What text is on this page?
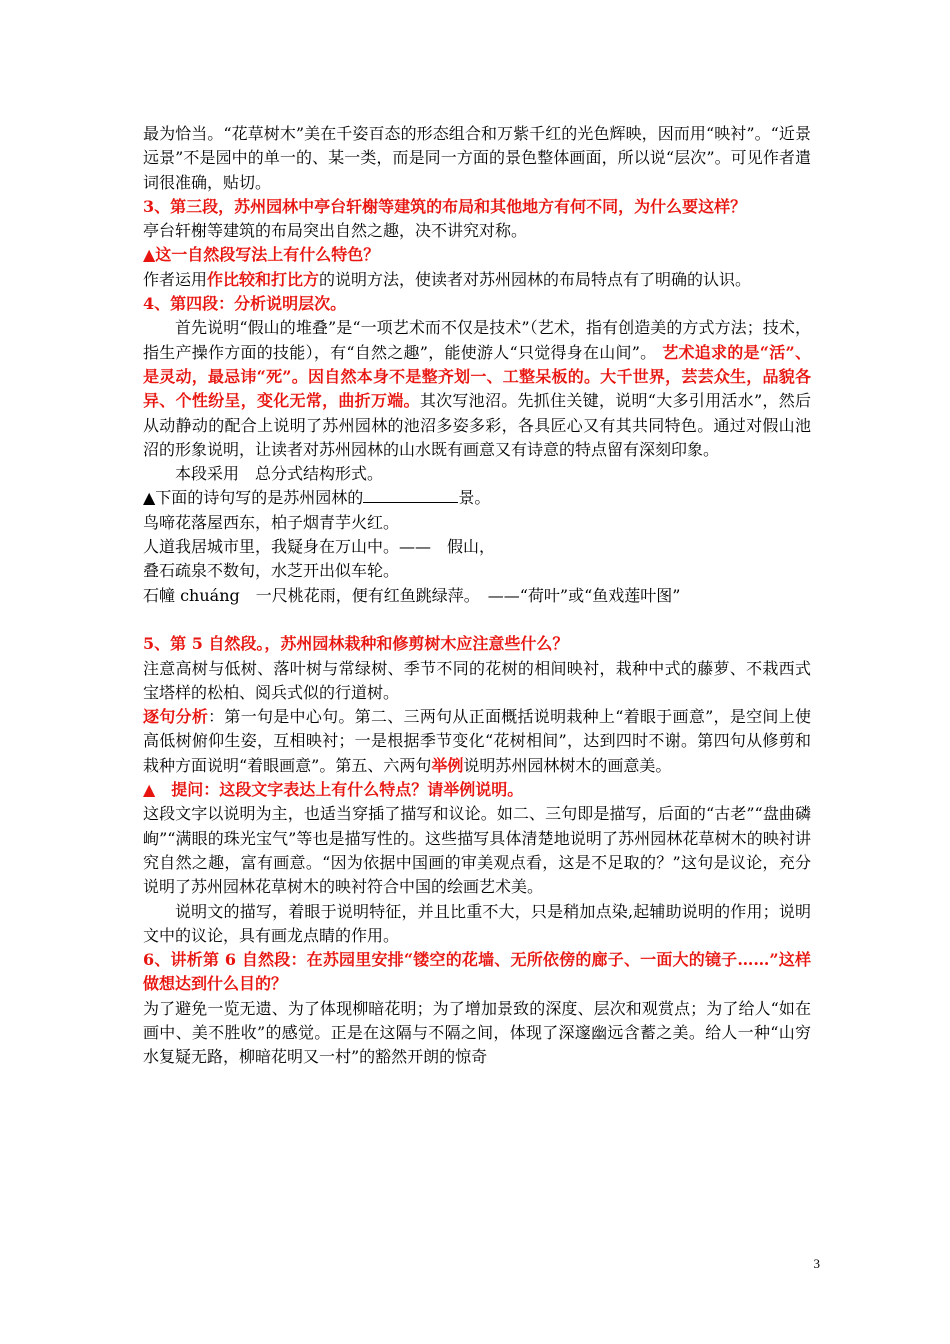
最为恰当。“花草树木”美在千姿百态的形态组合和万紫千红的光色辉映，因而用“映衬”。“近景远景”不是园中的单一的、某一类，而是同一方面的景色整体画面，所以说“层次”。可见作者遣词很准确，贴切。

3、第三段，苏州园林中亭台轩榭等建筑的布局和其他地方有何不同，为什么要这样？

亭台轩榭等建筑的布局突出自然之趣，决不讲究对称。

▲这一自然段写法上有什么特色？

作者运用作比较和打比方的说明方法，使读者对苏州园林的布局特点有了明确的认识。

4、第四段：分析说明层次。

首先说明“假山的堆叠”是“一项艺术而不仅是技术”（艺术，指有创造美的方式方法；技术，指生产操作方面的技能），有“自然之趣”，能使游人“只觉得身在山间”。 艺术追求的是“活”、是灵动，最忌讳“死”。因自然本身不是整齐划一、工整呆板的。大千世界，芸芸众生，品貌各异、个性纷呈，变化无常，曲折万端。其次写池沼。先抓住关键，说明“大多引用活水”，然后从动静动的配合上说明了苏州园林的池沼多姿多彩，各具匠心又有其共同特色。通过对假山池沼的形象说明，让读者对苏州园林的山水既有画意又有诗意的特点留有深刻印象。

本段采用　总分式结构形式。

▲下面的诗句写的是苏州园林的	景。

鸟啼花落屋西东，柏子烟青芋火红。

人道我居城市里，我疑身在万山中。——　假山，

叠石疏泉不数旬，水芝开出似车轮。

石幢 chuáng　一尺桃花雨，便有红鱼跳绿萍。　——“荷叶”或“鱼戏莲叶图”

5、第 5 自然段。，苏州园林栽种和修剪树木应注意些什么？

注意高树与低树、落叶树与常绿树、季节不同的花树的相间映衬，栽种中式的藤萝、不栽西式宝塔样的松柏、阅兵式似的行道树。

逐句分析：第一句是中心句。第二、三两句从正面概括说明栽种上“着眼于画意”，是空间上使高低树俯仰生姿，互相映衬；一是根据季节变化“花树相间”，达到四时不谢。第四句从修剪和栽种方面说明“着眼画意”。第五、六两句举例说明苏州园林树木的画意美。

▲　提问：这段文字表达上有什么特点？请举例说明。

这段文字以说明为主，也适当穿插了描写和议论。如二、三句即是描写，后面的“古老”“盘曲磷峋”“满眼的珠光宝气”等也是描写性的。这些描写具体清楚地说明了苏州园林花草树木的映衬讲究自然之趣，富有画意。“因为依据中国画的审美观点看，这是不足取的？”这句是议论，充分说明了苏州园林花草树木的映衬符合中国的绘画艺术美。

说明文的描写，着眼于说明特征，并且比重不大，只是稍加点染,起辅助说明的作用；说明文中的议论，具有画龙点睛的作用。

6、讲析第 6 自然段：在苏园里安排“镂空的花墙、无所依傍的廊子、一面大的镜子……”这样做想达到什么目的？

为了避免一览无遗、为了体现柳暗花明；为了增加景致的深度、层次和观赏点；为了给人“如在画中、美不胜收”的感觉。正是在这隔与不隔之间，体现了深邃幽远含蓄之美。给人一种“山穷水复疑无路，柳暗花明又一村”的豁然开朗的惊奇

3
